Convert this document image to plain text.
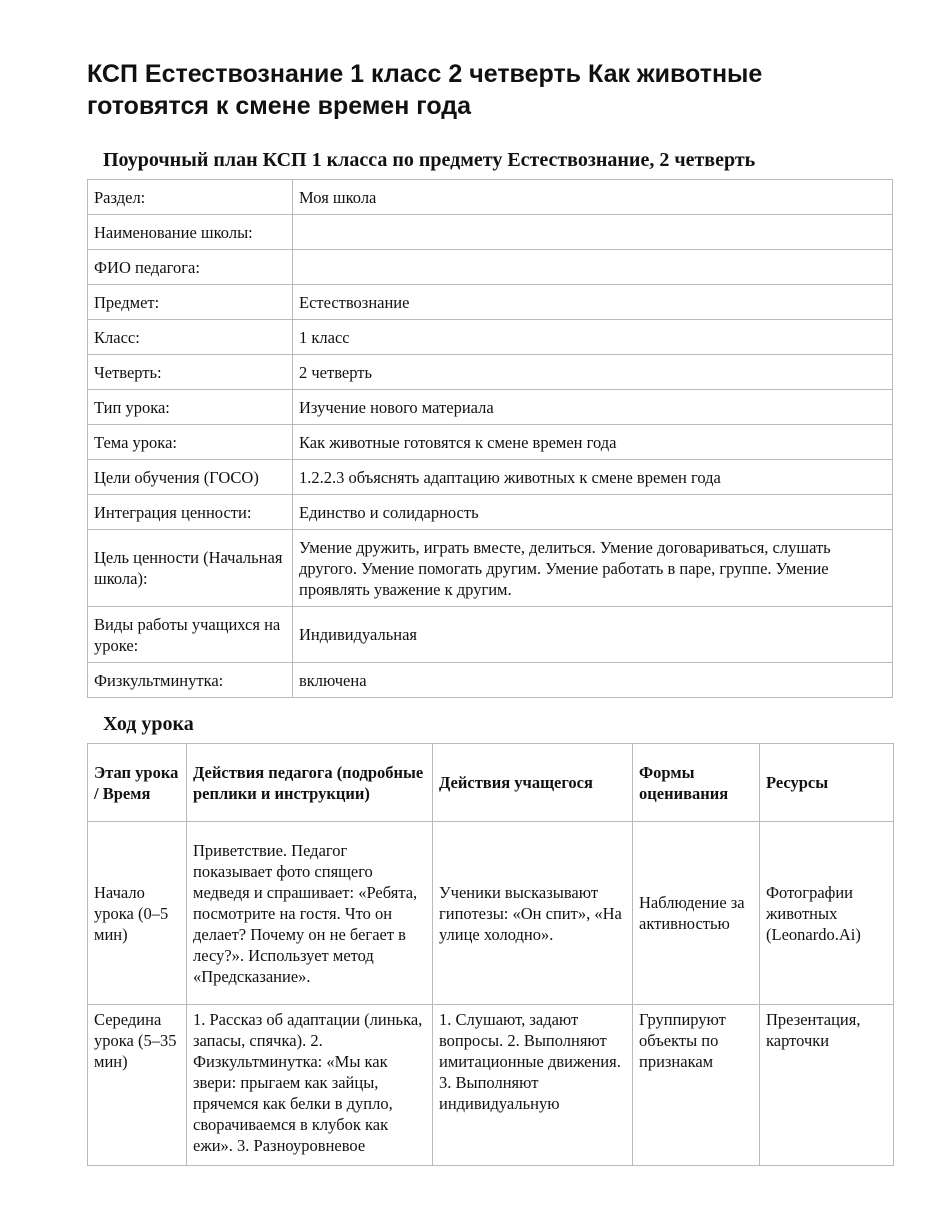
КСП Естествознание 1 класс 2 четверть Как животные готовятся к смене времен года
Поурочный план КСП 1 класса по предмету Естествознание, 2 четверть
Раздел:	Моя школа
Наименование школы:	
ФИО педагога:	
Предмет:	Естествознание
Класс:	1 класс
Четверть:	2 четверть
Тип урока:	Изучение нового материала
Тема урока:	Как животные готовятся к смене времен года
Цели обучения (ГОСО)	1.2.2.3 объяснять адаптацию животных к смене времен года
Интеграция ценности:	Единство и солидарность
Цель ценности (Начальная школа):	Умение дружить, играть вместе, делиться. Умение договариваться, слушать другого. Умение помогать другим. Умение работать в паре, группе. Умение проявлять уважение к другим.
Виды работы учащихся на уроке:	Индивидуальная
Физкультминутка:	включена
Ход урока
Этап урока / Время	Действия педагога (подробные реплики и инструкции)	Действия учащегося	Формы оценивания	Ресурсы
Начало урока (0–5 мин)	Приветствие. Педагог показывает фото спящего медведя и спрашивает: «Ребята, посмотрите на гостя. Что он делает? Почему он не бегает в лесу?». Использует метод «Предсказание».	Ученики высказывают гипотезы: «Он спит», «На улице холодно».	Наблюдение за активностью	Фотографии животных (Leonardo.Ai)

Середина урока (5–35 мин)	1. Рассказ об адаптации (линька, запасы, спячка). 2. Физкультминутка: «Мы как звери: прыгаем как зайцы, прячемся как белки в дупло, сворачиваемся в клубок как ежи». 3. Разноуровневое	1. Слушают, задают вопросы. 2. Выполняют имитационные движения. 3. Выполняют индивидуальную	Группируют объекты по признакам	Презентация, карточки
